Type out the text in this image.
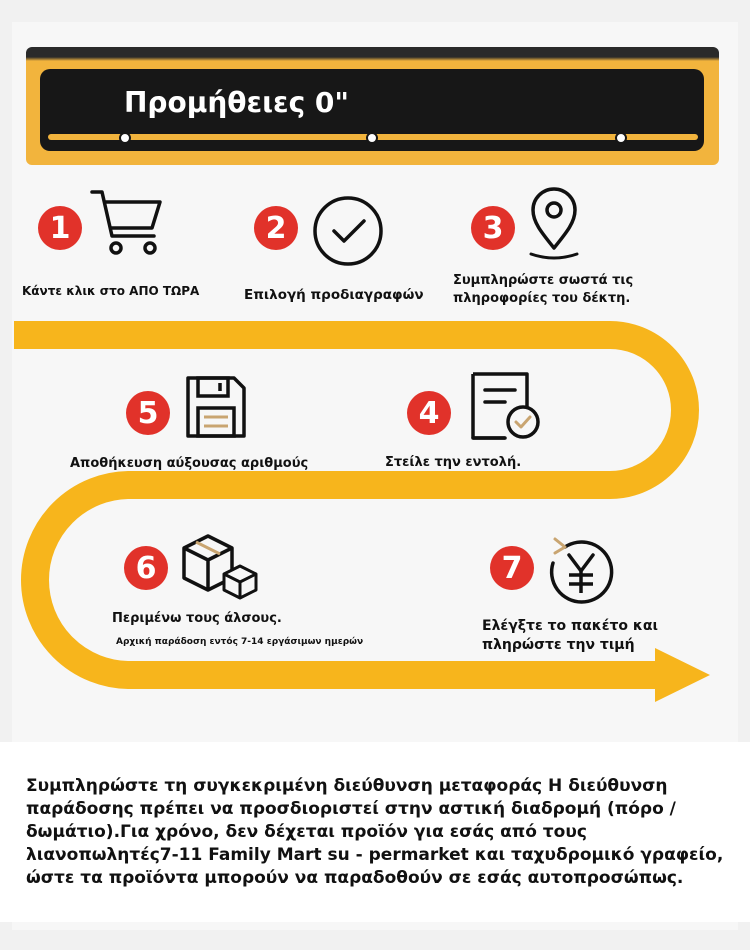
Προμήθειες 0"
1
Κάντε κλικ στο ΑΠΟ ΤΩΡΑ
2
Επιλογή προδιαγραφών
3
Συμπληρώστε σωστά τις
πληροφορίες του δέκτη.
5
Αποθήκευση αύξουσας αριθμούς
4
Στείλε την εντολή.
6
Περιμένω τους άλσους.
Αρχική παράδοση εντός 7-14 εργάσιμων ημερών
7
Ελέγξτε το πακέτο και
πληρώστε την τιμή
Συμπληρώστε τη συγκεκριμένη διεύθυνση μεταφοράς Η διεύθυνση
παράδοσης πρέπει να προσδιοριστεί στην αστική διαδρομή (πόρο /
δωμάτιο).Για χρόνο, δεν δέχεται προϊόν για εσάς από τους
λιανοπωλητές7-11 Family Mart su - permarket και ταχυδρομικό γραφείο,
ώστε τα προϊόντα μπορούν να παραδοθούν σε εσάς αυτοπροσώπως.
